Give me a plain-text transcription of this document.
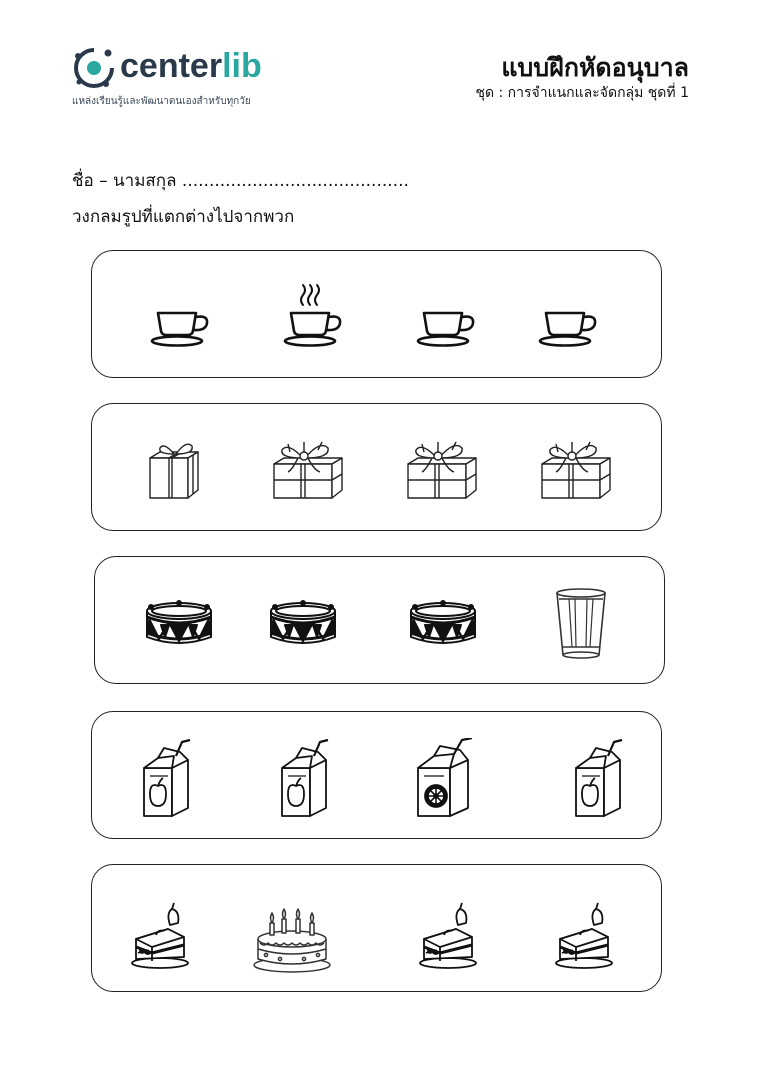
centerlib
แหล่งเรียนรู้และพัฒนาตนเองสำหรับทุกวัย
แบบฝึกหัดอนุบาล
ชุด : การจำแนกและจัดกลุ่ม ชุดที่ 1
ชื่อ – นามสกุล ..........................................
วงกลมรูปที่แตกต่างไปจากพวก
